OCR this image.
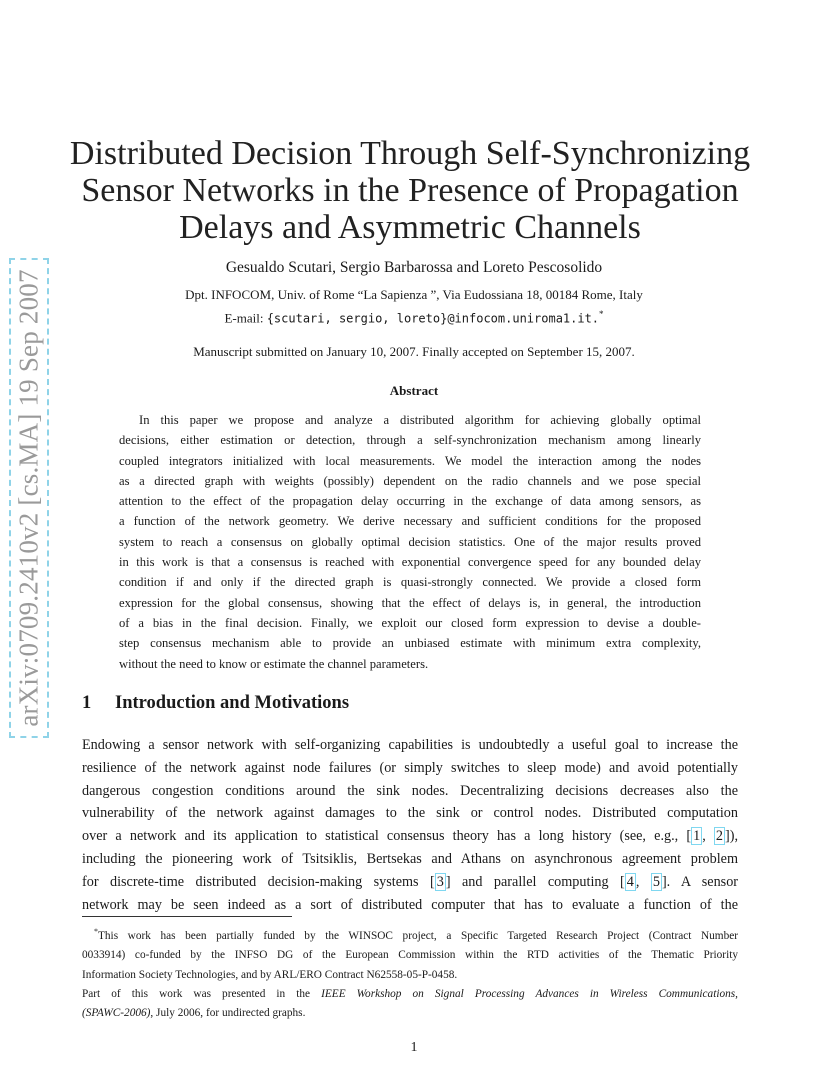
arXiv:0709.2410v2 [cs.MA] 19 Sep 2007
Distributed Decision Through Self-Synchronizing
Sensor Networks in the Presence of Propagation
Delays and Asymmetric Channels
Gesualdo Scutari, Sergio Barbarossa and Loreto Pescosolido
Dpt. INFOCOM, Univ. of Rome “La Sapienza ”, Via Eudossiana 18, 00184 Rome, Italy
E-mail: {scutari, sergio, loreto}@infocom.uniroma1.it.*
Manuscript submitted on January 10, 2007. Finally accepted on September 15, 2007.
Abstract
In this paper we propose and analyze a distributed algorithm for achieving globally optimal
decisions, either estimation or detection, through a self-synchronization mechanism among linearly
coupled integrators initialized with local measurements. We model the interaction among the nodes
as a directed graph with weights (possibly) dependent on the radio channels and we pose special
attention to the effect of the propagation delay occurring in the exchange of data among sensors, as
a function of the network geometry. We derive necessary and sufficient conditions for the proposed
system to reach a consensus on globally optimal decision statistics. One of the major results proved
in this work is that a consensus is reached with exponential convergence speed for any bounded delay
condition if and only if the directed graph is quasi-strongly connected. We provide a closed form
expression for the global consensus, showing that the effect of delays is, in general, the introduction
of a bias in the final decision. Finally, we exploit our closed form expression to devise a double-
step consensus mechanism able to provide an unbiased estimate with minimum extra complexity,
without the need to know or estimate the channel parameters.
1 Introduction and Motivations
Endowing a sensor network with self-organizing capabilities is undoubtedly a useful goal to increase the
resilience of the network against node failures (or simply switches to sleep mode) and avoid potentially
dangerous congestion conditions around the sink nodes. Decentralizing decisions decreases also the
vulnerability of the network against damages to the sink or control nodes. Distributed computation
over a network and its application to statistical consensus theory has a long history (see, e.g., [ 1 , 2 ]),
including the pioneering work of Tsitsiklis, Bertsekas and Athans on asynchronous agreement problem
for discrete-time distributed decision-making systems [ 3 ] and parallel computing [ 4 , 5 ]. A sensor
network may be seen indeed as a sort of distributed computer that has to evaluate a function of the
*This work has been partially funded by the WINSOC project, a Specific Targeted Research Project (Contract Number
0033914) co-funded by the INFSO DG of the European Commission within the RTD activities of the Thematic Priority
Information Society Technologies, and by ARL/ERO Contract N62558-05-P-0458.
Part of this work was presented in the IEEE Workshop on Signal Processing Advances in Wireless Communications,
(SPAWC-2006), July 2006, for undirected graphs.
1
